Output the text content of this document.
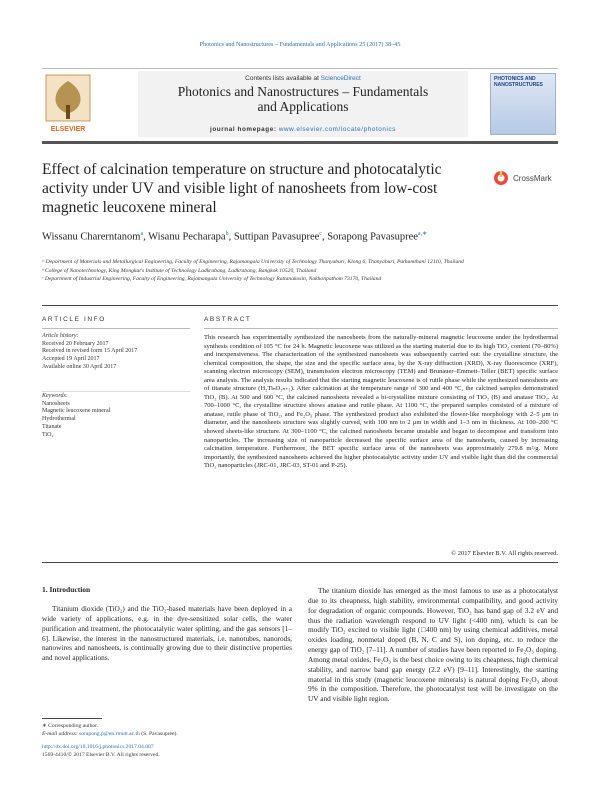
Photonics and Nanostructures – Fundamentals and Applications 25 (2017) 38–45
ELSEVIER
Contents lists available at ScienceDirect
Photonics and Nanostructures – Fundamentals
and Applications
journal homepage: www.elsevier.com/locate/photonics
PHOTONICS AND NANOSTRUCTURES
Effect of calcination temperature on structure and photocatalytic activity under UV and visible light of nanosheets from low-cost magnetic leucoxene mineral
CrossMark
Wissanu Charerntanom$^a$, Wisanu Pecharapa$^b$, Suttipan Pavasupree$^c$, Sorapong Pavasupree$^{a,∗}$
ᵃ Department of Materials and Metallurgical Engineering, Faculty of Engineering, Rajamangala University of Technology Thanyaburi, Klong 6, Thanyaburi, Pathumthani 12110, Thailand
ᵇ College of Nanotechnology, King Mongkut's Institute of Technology Ladkrabang, Ladkrabang, Bangkok 10520, Thailand
ᶜ Department of Industrial Engineering, Faculty of Engineering, Rajamangala University of Technology Rattanakosin, Nakhonpathom 73170, Thailand
ARTICLE INFO	ABSTRACT
Article history:
Received 20 February 2017
Received in revised form 15 April 2017
Accepted 19 April 2017
Available online 30 April 2017
Keywords:
Nanosheets
Magnetic leucoxene mineral
Hydrothermal
Titanate
TiO₂
This research has experimentally synthesized the nanosheets from the naturally-mineral magnetic leucoxene under the hydrothermal synthesis condition of 105 °C for 24 h. Magnetic leucoxene was utilized as the starting material due to its high TiO₂ content (70–80%) and inexpensiveness. The characterization of the synthesized nanosheets was subsequently carried out: the crystalline structure, the chemical composition, the shape, the size and the specific surface area, by the X-ray diffraction (XRD), X-ray fluorescence (XRF), scanning electron microscopy (SEM), transmission electron microscopy (TEM) and Brunauer–Emmett–Teller (BET) specific surface area analysis. The analysis results indicated that the starting magnetic leucoxene is of rutile phase while the synthesized nanosheets are of titanate structure (H₂TiₙO₂ₙ₊₁). After calcination at the temperature range of 300 and 400 °C, the calcined samples demonstrated TiO₂ (B). At 500 and 600 °C, the calcined nanosheets revealed a bi-crystalline mixture consisting of TiO₂ (B) and anatase TiO₂. At 700–1000 °C, the crystalline structure shows anatase and rutile phase. At 1100 °C, the prepared samples consisted of a mixture of anatase, rutile phase of TiO₂, and Fe₂O₃ phase. The synthesized product also exhibited the flower-like morphology with 2–5 μm in diameter, and the nanosheets structure was slightly curved, with 100 nm to 2 μm in width and 1–3 nm in thickness. At 100–200 °C showed sheets-like structure. At 300–1100 °C, the calcined nanosheets became unstable and began to decompose and transform into nanoparticles. The increasing size of nanoparticle decreased the specific surface area of the nanosheets, caused by increasing calcination temperature. Furthermore, the BET specific surface area of the nanosheets was approximately 279.8 m²/g. More importantly, the synthesized nanosheets achieved the higher photocatalytic activity under UV and visible light than did the commercial TiO₂ nanoparticles (JRC-01, JRC-03, ST-01 and P-25).
© 2017 Elsevier B.V. All rights reserved.
1. Introduction

Titanium dioxide (TiO₂) and the TiO₂-based materials have been deployed in a wide variety of applications, e.g. in the dye-sensitized solar cells, the water purification and treatment, the photocatalytic water splitting, and the gas sensors [1–6]. Likewise, the interest in the nanostructured materials, i.e. nanotubes, nanorods, nanowires and nanosheets, is continually growing due to their distinctive properties and novel applications.

The titanium dioxide has emerged as the most famous to use as a photocatalyst due to its cheapness, high stability, environmental compatibility, and good activity for degradation of organic compounds. However, TiO₂ has band gap of 3.2 eV and thus the radiation wavelength respond to UV light (<400 nm), which is can be modify TiO₂ excited to visible light (□400 nm) by using chemical additives, metal oxides loading, nonmetal doped (B, N, C and S), ion doping, etc. to reduce the energy gap of TiO₂ [7–11]. A number of studies have been reported to Fe₂O₃ doping. Among metal oxides, Fe₂O₃ is the best choice owing to its cheapness, high chemical stability, and narrow band gap energy (2.2 eV) [9–11]. Interestingly, the starting material in this study (magnetic leucoxene minerals) is natural doping Fe₂O₃ about 9% in the composition. Therefore, the photocatalyst test will be investigate on the UV and visible light region.

∗ Corresponding author.
E-mail address: sorapong.p@en.rmutt.ac.th (S. Pavasupree).
http://dx.doi.org/10.1016/j.photonics.2017.04.007
1569-4410/© 2017 Elsevier B.V. All rights reserved.
